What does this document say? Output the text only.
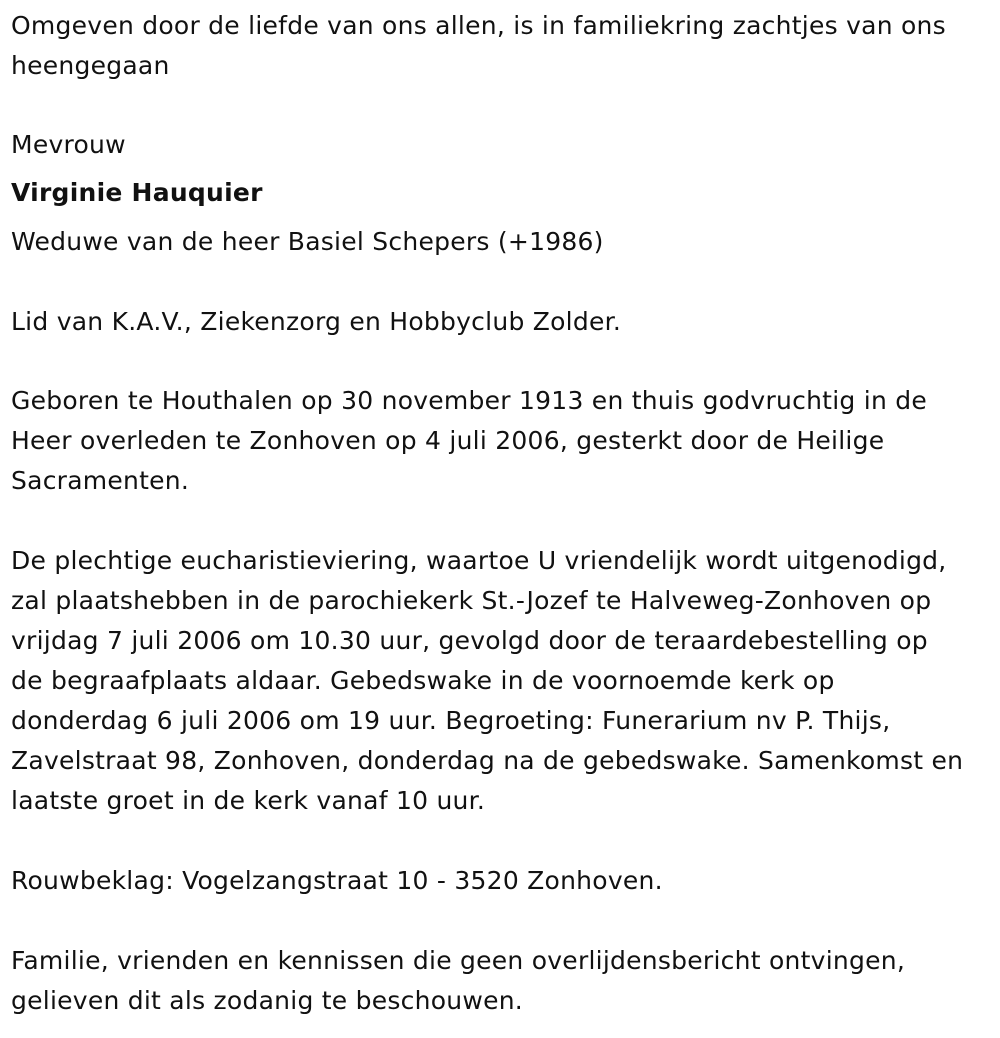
Omgeven door de liefde van ons allen, is in familiekring zachtjes van ons
heengegaan
Mevrouw
Virginie Hauquier
Weduwe van de heer Basiel Schepers (+1986)
Lid van K.A.V., Ziekenzorg en Hobbyclub Zolder.
Geboren te Houthalen op 30 november 1913 en thuis godvruchtig in de
Heer overleden te Zonhoven op 4 juli 2006, gesterkt door de Heilige
Sacramenten.
De plechtige eucharistieviering, waartoe U vriendelijk wordt uitgenodigd,
zal plaatshebben in de parochiekerk St.-Jozef te Halveweg-Zonhoven op
vrijdag 7 juli 2006 om 10.30 uur, gevolgd door de teraardebestelling op
de begraafplaats aldaar. Gebedswake in de voornoemde kerk op
donderdag 6 juli 2006 om 19 uur. Begroeting: Funerarium nv P. Thijs,
Zavelstraat 98, Zonhoven, donderdag na de gebedswake. Samenkomst en
laatste groet in de kerk vanaf 10 uur.
Rouwbeklag: Vogelzangstraat 10 - 3520 Zonhoven.
Familie, vrienden en kennissen die geen overlijdensbericht ontvingen,
gelieven dit als zodanig te beschouwen.
